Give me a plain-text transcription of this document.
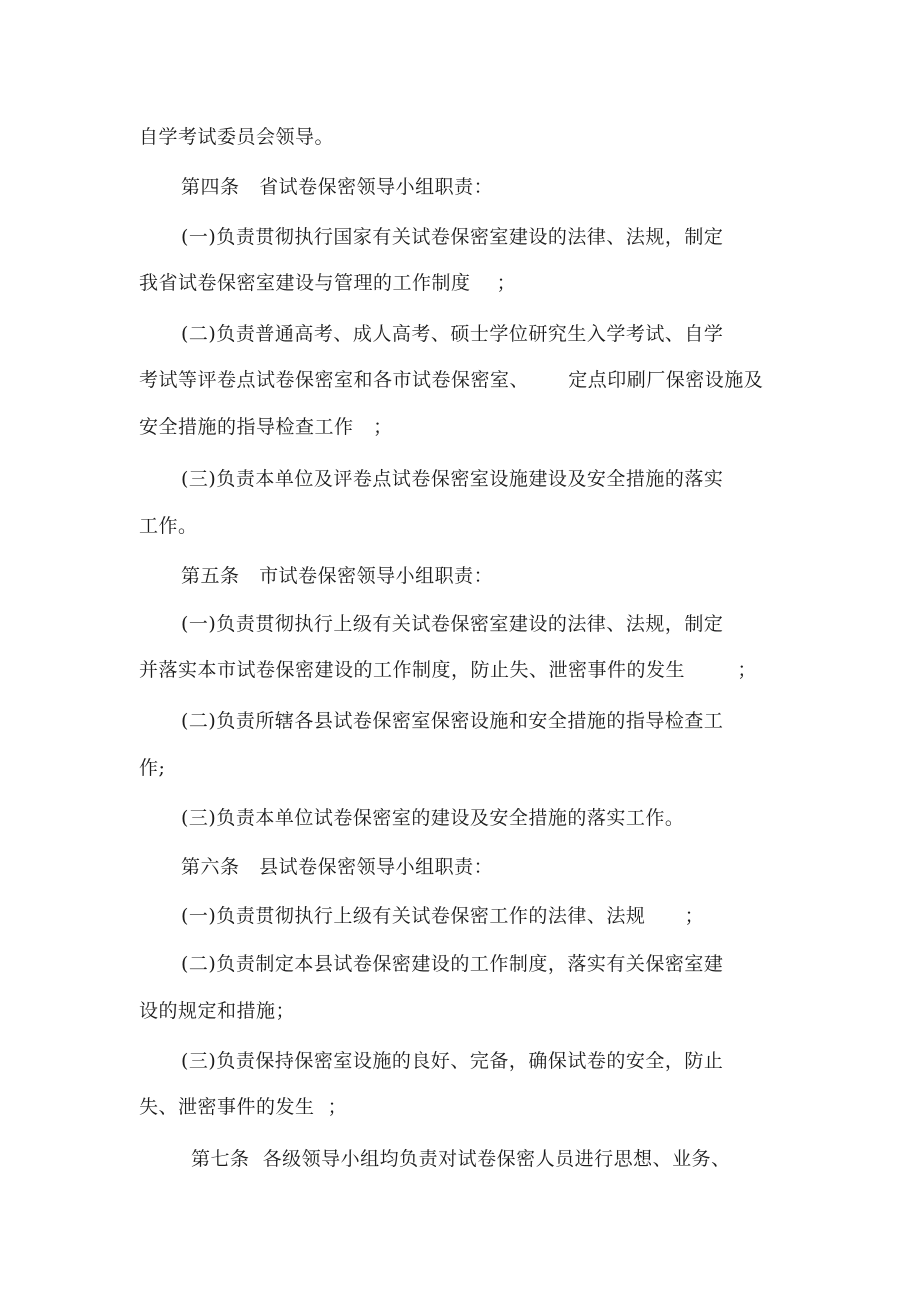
自学考试委员会领导。
第四条   省试卷保密领导小组职责：
(一)负责贯彻执行国家有关试卷保密室建设的法律、法规，制定
我省试卷保密室建设与管理的工作制度    ；
(二)负责普通高考、成人高考、硕士学位研究生入学考试、自学
考试等评卷点试卷保密室和各市试卷保密室、      定点印刷厂保密设施及
安全措施的指导检查工作   ；
(三)负责本单位及评卷点试卷保密室设施建设及安全措施的落实
工作。
第五条   市试卷保密领导小组职责：
(一)负责贯彻执行上级有关试卷保密室建设的法律、法规，制定
并落实本市试卷保密建设的工作制度，防止失、泄密事件的发生        ；
(二)负责所辖各县试卷保密室保密设施和安全措施的指导检查工
作;
(三)负责本单位试卷保密室的建设及安全措施的落实工作。
第六条   县试卷保密领导小组职责：
(一)负责贯彻执行上级有关试卷保密工作的法律、法规      ；
(二)负责制定本县试卷保密建设的工作制度，落实有关保密室建
设的规定和措施；
(三)负责保持保密室设施的良好、完备，确保试卷的安全，防止
失、泄密事件的发生  ；
第七条  各级领导小组均负责对试卷保密人员进行思想、业务、
